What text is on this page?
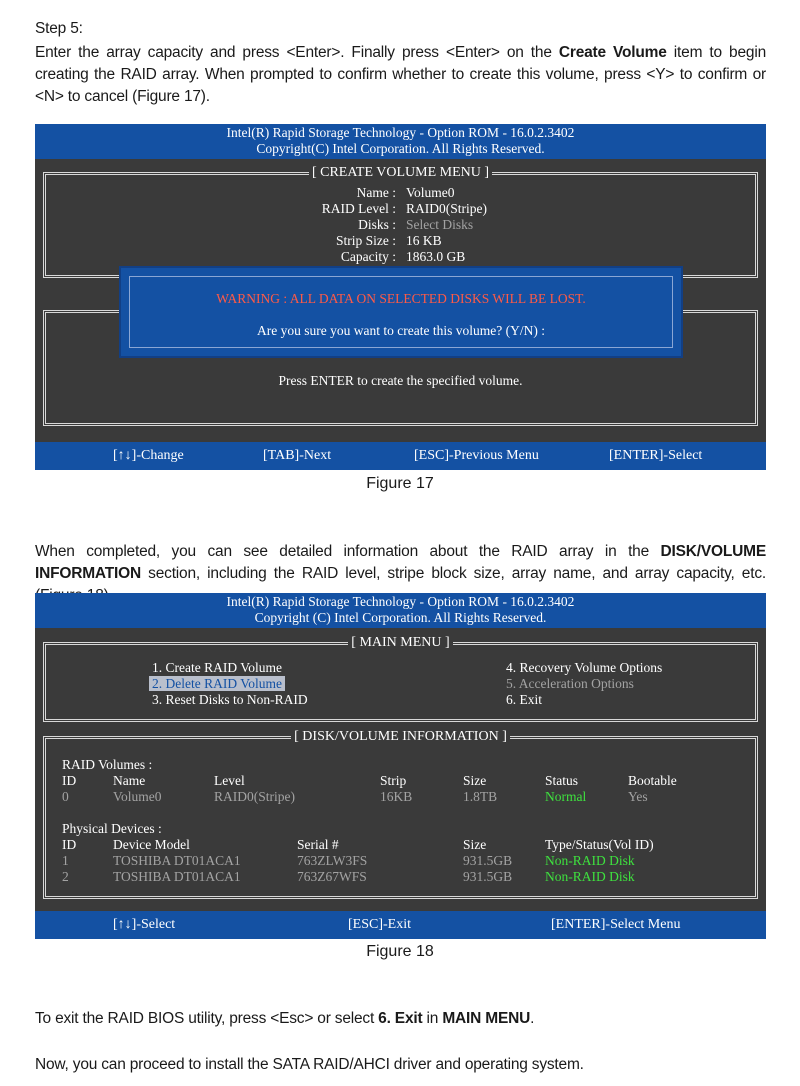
Step 5:
Enter the array capacity and press <Enter>. Finally press <Enter> on the Create Volume item to begin creating the RAID array. When prompted to confirm whether to create this volume, press <Y> to confirm or <N> to cancel (Figure 17).
Intel(R) Rapid Storage Technology - Option ROM - 16.0.2.3402
Copyright(C) Intel Corporation. All Rights Reserved.
[ CREATE VOLUME MENU ]
Name : Volume0
RAID Level : RAID0(Stripe)
Disks : Select Disks
Strip Size : 16 KB
Capacity : 1863.0 GB
Press ENTER to create the specified volume.
WARNING : ALL DATA ON SELECTED DISKS WILL BE LOST.
Are you sure you want to create this volume? (Y/N) :
[↑↓]-Change	[TAB]-Next	[ESC]-Previous Menu	[ENTER]-Select
Figure 17
When completed, you can see detailed information about the RAID array in the DISK/VOLUME INFORMATION section, including the RAID level, stripe block size, array name, and array capacity, etc.
Intel(R) Rapid Storage Technology - Option ROM - 16.0.2.3402
Copyright (C) Intel Corporation. All Rights Reserved.
[ MAIN MENU ]
1. Create RAID Volume
2. Delete RAID Volume
3. Reset Disks to Non-RAID
4. Recovery Volume Options
5. Acceleration Options
6. Exit
[ DISK/VOLUME INFORMATION ]
RAID Volumes :
ID	Name	Level	Strip	Size	Status	Bootable
0	Volume0	RAID0(Stripe)	16KB	1.8TB	Normal	Yes
Physical Devices :
ID	Device Model	Serial #	Size	Type/Status(Vol ID)
1	TOSHIBA DT01ACA1	763ZLW3FS	931.5GB Non-RAID Disk
2	TOSHIBA DT01ACA1	763Z67WFS	931.5GB Non-RAID Disk
[↑↓]-Select	[ESC]-Exit	[ENTER]-Select Menu
Figure 18
To exit the RAID BIOS utility, press <Esc> or select 6. Exit in MAIN MENU.
Now, you can proceed to install the SATA RAID/AHCI driver and operating system.
